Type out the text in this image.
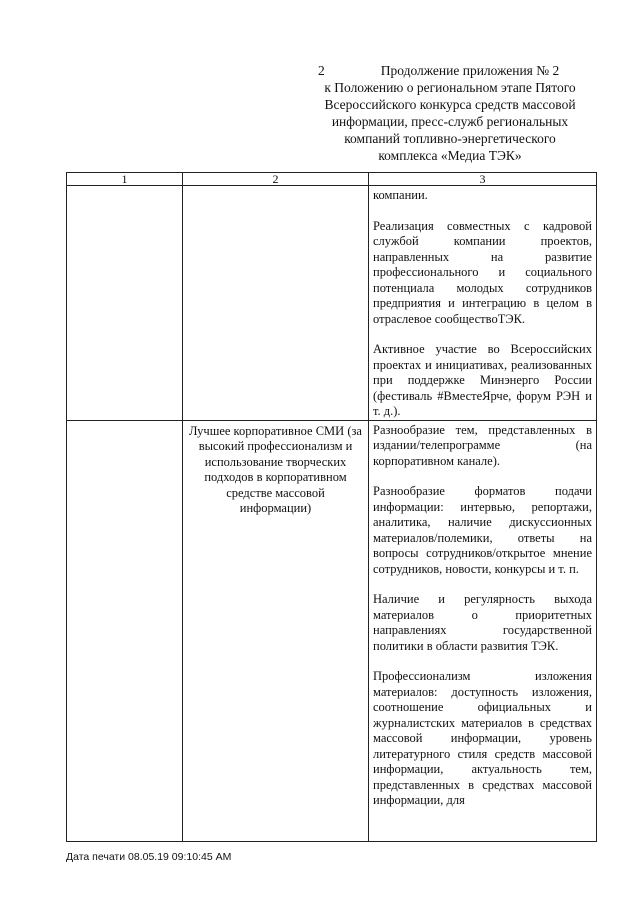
2	Продолжение приложения № 2
к Положению о региональном этапе Пятого
Всероссийского конкурса средств массовой
информации, пресс-служб региональных
компаний топливно-энергетического
комплекса «Медиа ТЭК»
1	2	3

		компании.

Реализация совместных с кадровой службой компании проектов, направленных на развитие профессионального и социального потенциала молодых сотрудников предприятия и интеграцию в целом в отраслевое сообществоТЭК.

Активное участие во Всероссийских проектах и инициативах, реализованных при поддержке Минэнерго России (фестиваль #ВместеЯрче, форум РЭН и т. д.).

	Лучшее корпоративное СМИ (за высокий профессионализм и использование творческих подходов в корпоративном средстве массовой информации)	Разнообразие тем, представленных в издании/телепрограмме (на корпоративном канале).

Разнообразие форматов подачи информации: интервью, репортажи, аналитика, наличие дискуссионных материалов/полемики, ответы на вопросы сотрудников/открытое мнение сотрудников, новости, конкурсы и т. п.

Наличие и регулярность выхода материалов о приоритетных направлениях государственной политики в области развития ТЭК.

Профессионализм изложения материалов: доступность изложения, соотношение официальных и журналистских материалов в средствах массовой информации, уровень литературного стиля средств массовой информации, актуальность тем, представленных в средствах массовой информации, для

Дата печати 08.05.19 09:10:45 AM
